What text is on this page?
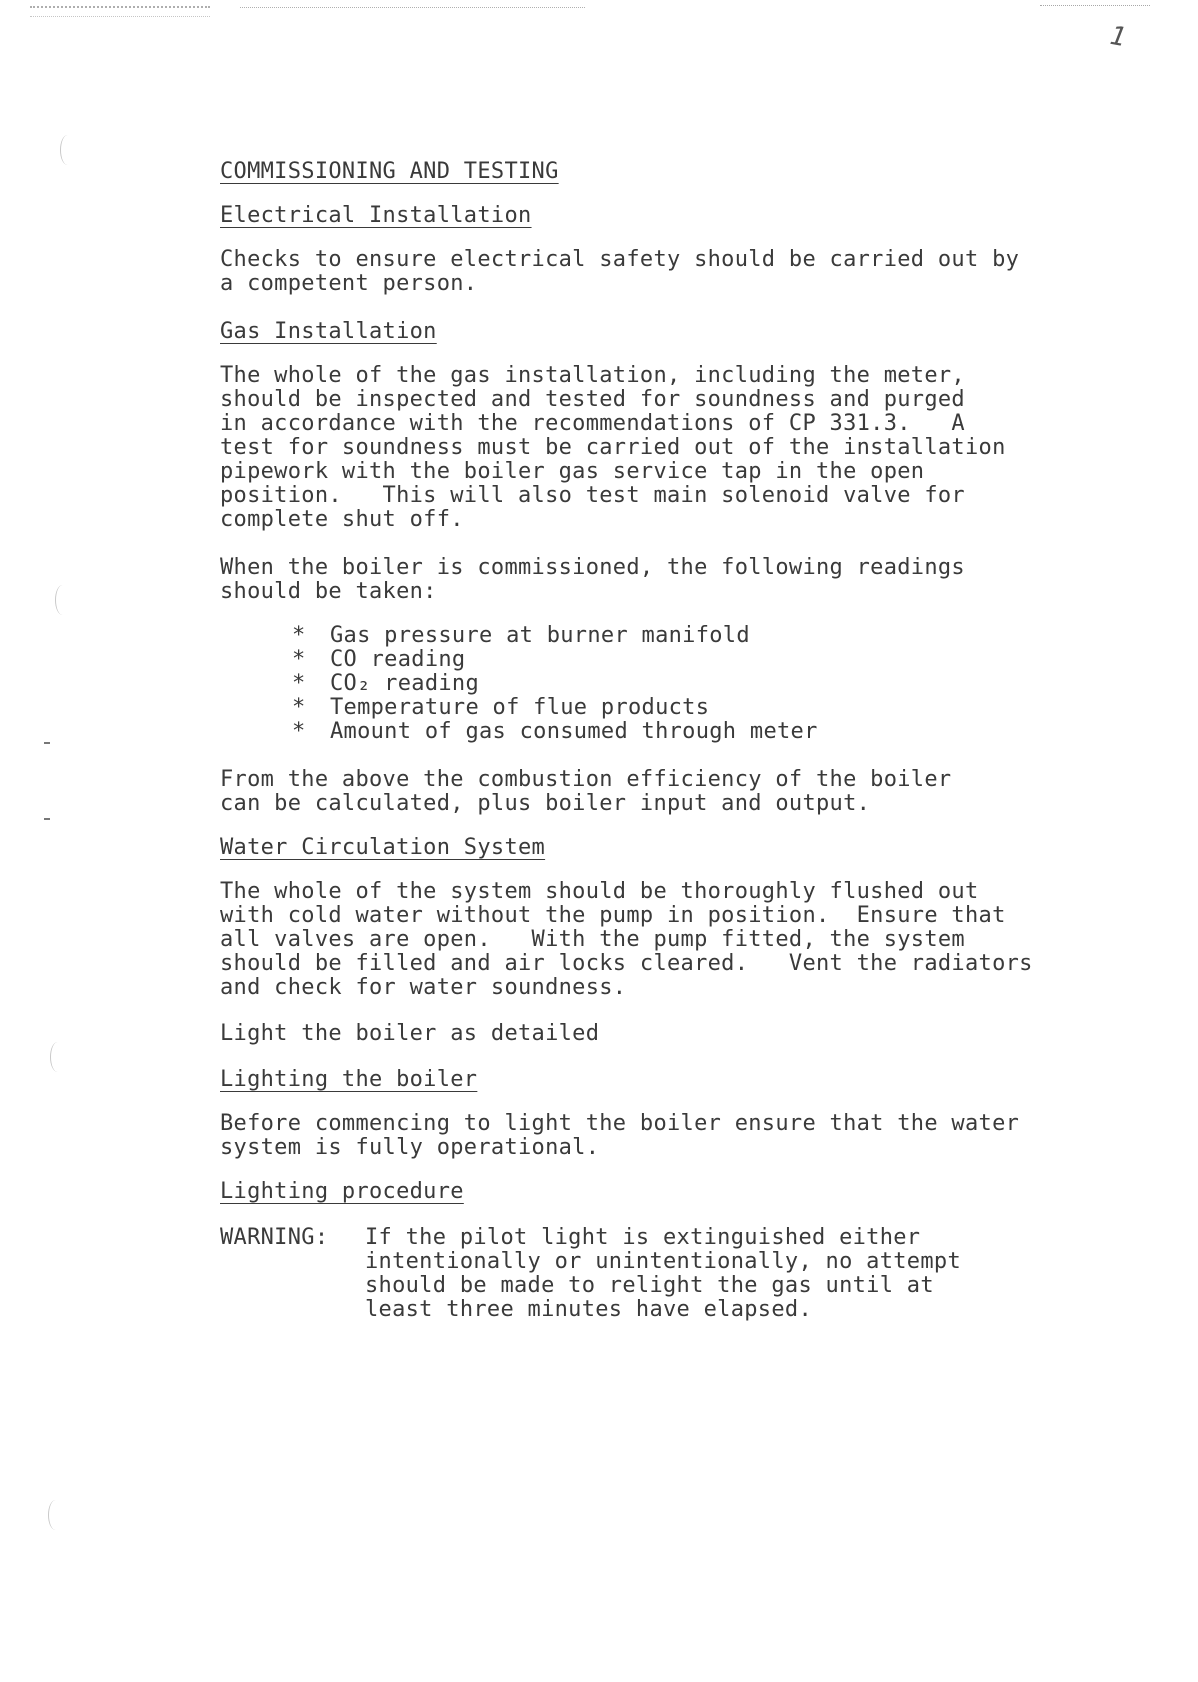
1

COMMISSIONING AND TESTING

Electrical Installation

Checks to ensure electrical safety should be carried out by
a competent person.

Gas Installation

The whole of the gas installation, including the meter,
should be inspected and tested for soundness and purged
in accordance with the recommendations of CP 331.3.   A
test for soundness must be carried out of the installation
pipework with the boiler gas service tap in the open
position.   This will also test main solenoid valve for
complete shut off.

When the boiler is commissioned, the following readings
should be taken:

* Gas pressure at burner manifold
* CO reading
* CO₂ reading
* Temperature of flue products
* Amount of gas consumed through meter

From the above the combustion efficiency of the boiler
can be calculated, plus boiler input and output.

Water Circulation System

The whole of the system should be thoroughly flushed out
with cold water without the pump in position.  Ensure that
all valves are open.   With the pump fitted, the system
should be filled and air locks cleared.   Vent the radiators
and check for water soundness.

Light the boiler as detailed

Lighting the boiler

Before commencing to light the boiler ensure that the water
system is fully operational.

Lighting procedure

WARNING:	If the pilot light is extinguished either
intentionally or unintentionally, no attempt
should be made to relight the gas until at
least three minutes have elapsed.
